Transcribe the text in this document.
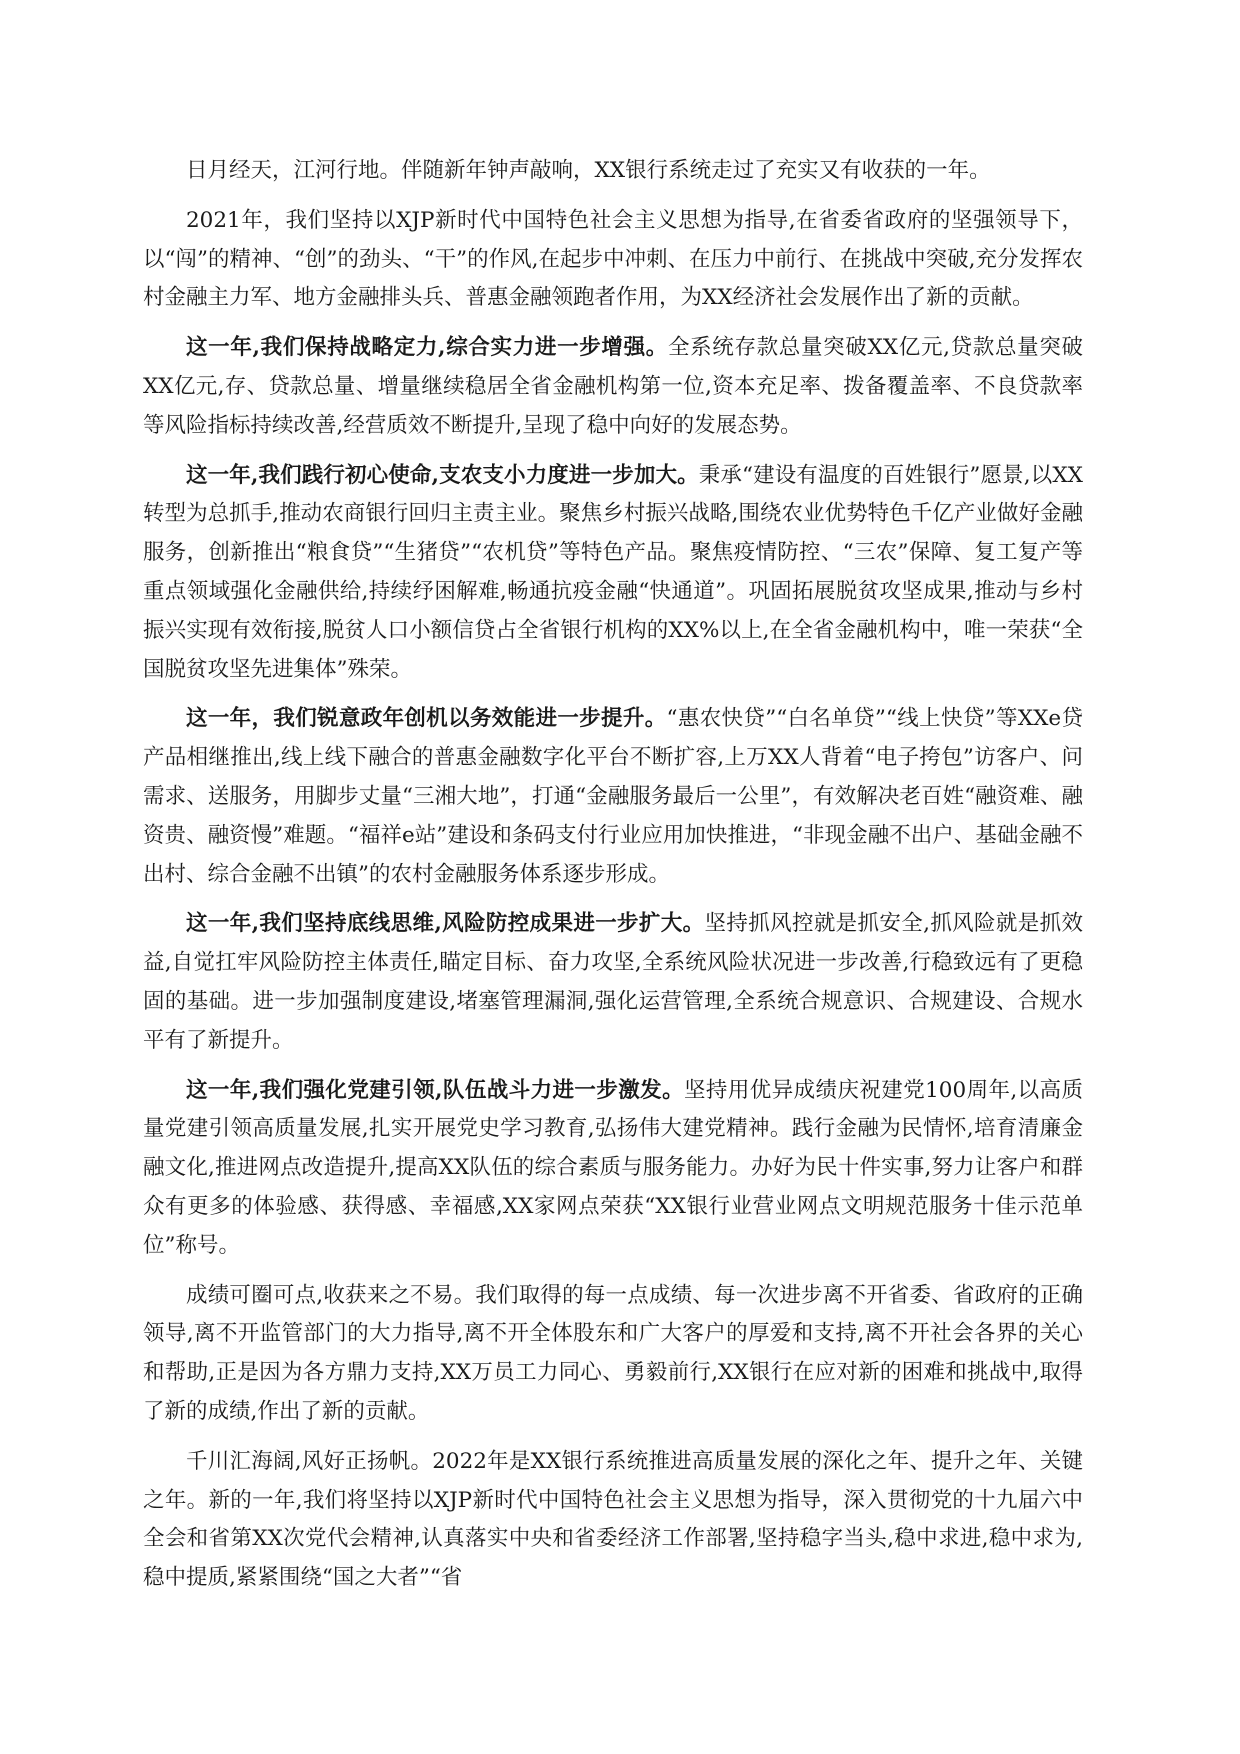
日月经天，江河行地。伴随新年钟声敲响，XX银行系统走过了充实又有收获的一年。

2021年，我们坚持以XJP新时代中国特色社会主义思想为指导,在省委省政府的坚强领导下，以“闯”的精神、“创”的劲头、“干”的作风,在起步中冲刺、在压力中前行、在挑战中突破,充分发挥农村金融主力军、地方金融排头兵、普惠金融领跑者作用，为XX经济社会发展作出了新的贡献。

这一年,我们保持战略定力,综合实力进一步增强。全系统存款总量突破XX亿元,贷款总量突破XX亿元,存、贷款总量、增量继续稳居全省金融机构第一位,资本充足率、拨备覆盖率、不良贷款率等风险指标持续改善,经营质效不断提升,呈现了稳中向好的发展态势。

这一年,我们践行初心使命,支农支小力度进一步加大。秉承“建设有温度的百姓银行”愿景,以XX转型为总抓手,推动农商银行回归主责主业。聚焦乡村振兴战略,围绕农业优势特色千亿产业做好金融服务，创新推出“粮食贷”“生猪贷”“农机贷”等特色产品。聚焦疫情防控、“三农”保障、复工复产等重点领域强化金融供给,持续纾困解难,畅通抗疫金融“快通道”。巩固拓展脱贫攻坚成果,推动与乡村振兴实现有效衔接,脱贫人口小额信贷占全省银行机构的XX%以上,在全省金融机构中，唯一荣获“全国脱贫攻坚先进集体”殊荣。

这一年，我们锐意政年创机以务效能进一步提升。“惠农快贷”“白名单贷”“线上快贷”等XXe贷产品相继推出,线上线下融合的普惠金融数字化平台不断扩容,上万XX人背着“电子挎包”访客户、问需求、送服务，用脚步丈量“三湘大地”，打通“金融服务最后一公里”，有效解决老百姓“融资难、融资贵、融资慢”难题。“福祥e站”建设和条码支付行业应用加快推进，“非现金融不出户、基础金融不出村、综合金融不出镇”的农村金融服务体系逐步形成。

这一年,我们坚持底线思维,风险防控成果进一步扩大。坚持抓风控就是抓安全,抓风险就是抓效益,自觉扛牢风险防控主体责任,瞄定目标、奋力攻坚,全系统风险状况进一步改善,行稳致远有了更稳固的基础。进一步加强制度建设,堵塞管理漏洞,强化运营管理,全系统合规意识、合规建设、合规水平有了新提升。

这一年,我们强化党建引领,队伍战斗力进一步激发。坚持用优异成绩庆祝建党100周年,以高质量党建引领高质量发展,扎实开展党史学习教育,弘扬伟大建党精神。践行金融为民情怀,培育清廉金融文化,推进网点改造提升,提高XX队伍的综合素质与服务能力。办好为民十件实事,努力让客户和群众有更多的体验感、获得感、幸福感,XX家网点荣获“XX银行业营业网点文明规范服务十佳示范单位”称号。

成绩可圈可点,收获来之不易。我们取得的每一点成绩、每一次进步离不开省委、省政府的正确领导,离不开监管部门的大力指导,离不开全体股东和广大客户的厚爱和支持,离不开社会各界的关心和帮助,正是因为各方鼎力支持,XX万员工力同心、勇毅前行,XX银行在应对新的困难和挑战中,取得了新的成绩,作出了新的贡献。

千川汇海阔,风好正扬帆。2022年是XX银行系统推进高质量发展的深化之年、提升之年、关键之年。新的一年,我们将坚持以XJP新时代中国特色社会主义思想为指导，深入贯彻党的十九届六中全会和省第XX次党代会精神,认真落实中央和省委经济工作部署,坚持稳字当头,稳中求进,稳中求为,稳中提质,紧紧围绕“国之大者”“省
